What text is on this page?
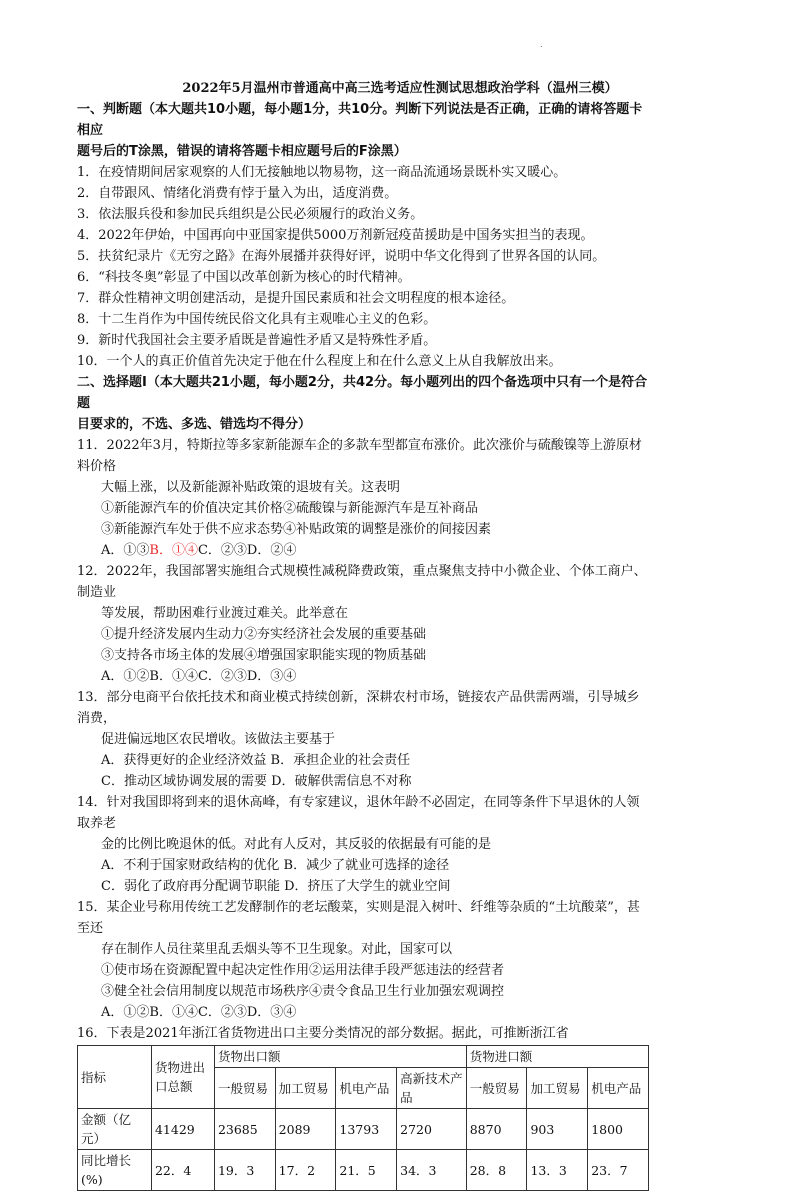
.
2022年5月温州市普通高中高三选考适应性测试思想政治学科（温州三模）
一、判断题（本大题共10小题，每小题1分，共10分。判断下列说法是否正确，正确的请将答题卡相应
题号后的T涂黑，错误的请将答题卡相应题号后的F涂黑）
1．在疫情期间居家观察的人们无接触地以物易物，这一商品流通场景既朴实又暖心。
2．自带跟风、情绪化消费有悖于量入为出，适度消费。
3．依法服兵役和参加民兵组织是公民必须履行的政治义务。
4．2022年伊始，中国再向中亚国家提供5000万剂新冠疫苗援助是中国务实担当的表现。
5．扶贫纪录片《无穷之路》在海外展播并获得好评，说明中华文化得到了世界各国的认同。
6．“科技冬奥”彰显了中国以改革创新为核心的时代精神。
7．群众性精神文明创建活动，是提升国民素质和社会文明程度的根本途径。
8．十二生肖作为中国传统民俗文化具有主观唯心主义的色彩。
9．新时代我国社会主要矛盾既是普遍性矛盾又是特殊性矛盾。
10．一个人的真正价值首先决定于他在什么程度上和在什么意义上从自我解放出来。
二、选择题Ⅰ（本大题共21小题，每小题2分，共42分。每小题列出的四个备选项中只有一个是符合题
目要求的，不选、多选、错选均不得分）
11．2022年3月，特斯拉等多家新能源车企的多款车型都宣布涨价。此次涨价与硫酸镍等上游原材料价格
大幅上涨，以及新能源补贴政策的退坡有关。这表明
①新能源汽车的价值决定其价格②硫酸镍与新能源汽车是互补商品
③新能源汽车处于供不应求态势④补贴政策的调整是涨价的间接因素
A．①③B．①④C．②③D．②④
12．2022年，我国部署实施组合式规模性减税降费政策，重点聚焦支持中小微企业、个体工商户、制造业
等发展，帮助困难行业渡过难关。此举意在
①提升经济发展内生动力②夯实经济社会发展的重要基础
③支持各市场主体的发展④增强国家职能实现的物质基础
A．①②B．①④C．②③D．③④
13．部分电商平台依托技术和商业模式持续创新，深耕农村市场，链接农产品供需两端，引导城乡消费，
促进偏远地区农民增收。该做法主要基于
A．获得更好的企业经济效益 B．承担企业的社会责任
C．推动区域协调发展的需要 D．破解供需信息不对称
14．针对我国即将到来的退休高峰，有专家建议，退休年龄不必固定，在同等条件下早退休的人领取养老
金的比例比晚退休的低。对此有人反对，其反驳的依据最有可能的是
A．不利于国家财政结构的优化 B．减少了就业可选择的途径
C．弱化了政府再分配调节职能 D．挤压了大学生的就业空间
15．某企业号称用传统工艺发酵制作的老坛酸菜，实则是混入树叶、纤维等杂质的“土坑酸菜”，甚至还
存在制作人员往菜里乱丢烟头等不卫生现象。对此，国家可以
①使市场在资源配置中起决定性作用②运用法律手段严惩违法的经营者
③健全社会信用制度以规范市场秩序④责令食品卫生行业加强宏观调控
A．①②B．①④C．②③D．③④
16．下表是2021年浙江省货物进出口主要分类情况的部分数据。据此，可推断浙江省
指标	货物进出口总额	货物出口额				货物进口额		
		一般贸易	加工贸易	机电产品	高新技术产品	一般贸易	加工贸易	机电产品
金额（亿元）	41429	23685	2089	13793	2720	8870	903	1800
同比增长(%)	22．4	19．3	17．2	21．5	34．3	28．8	13．3	23．7
